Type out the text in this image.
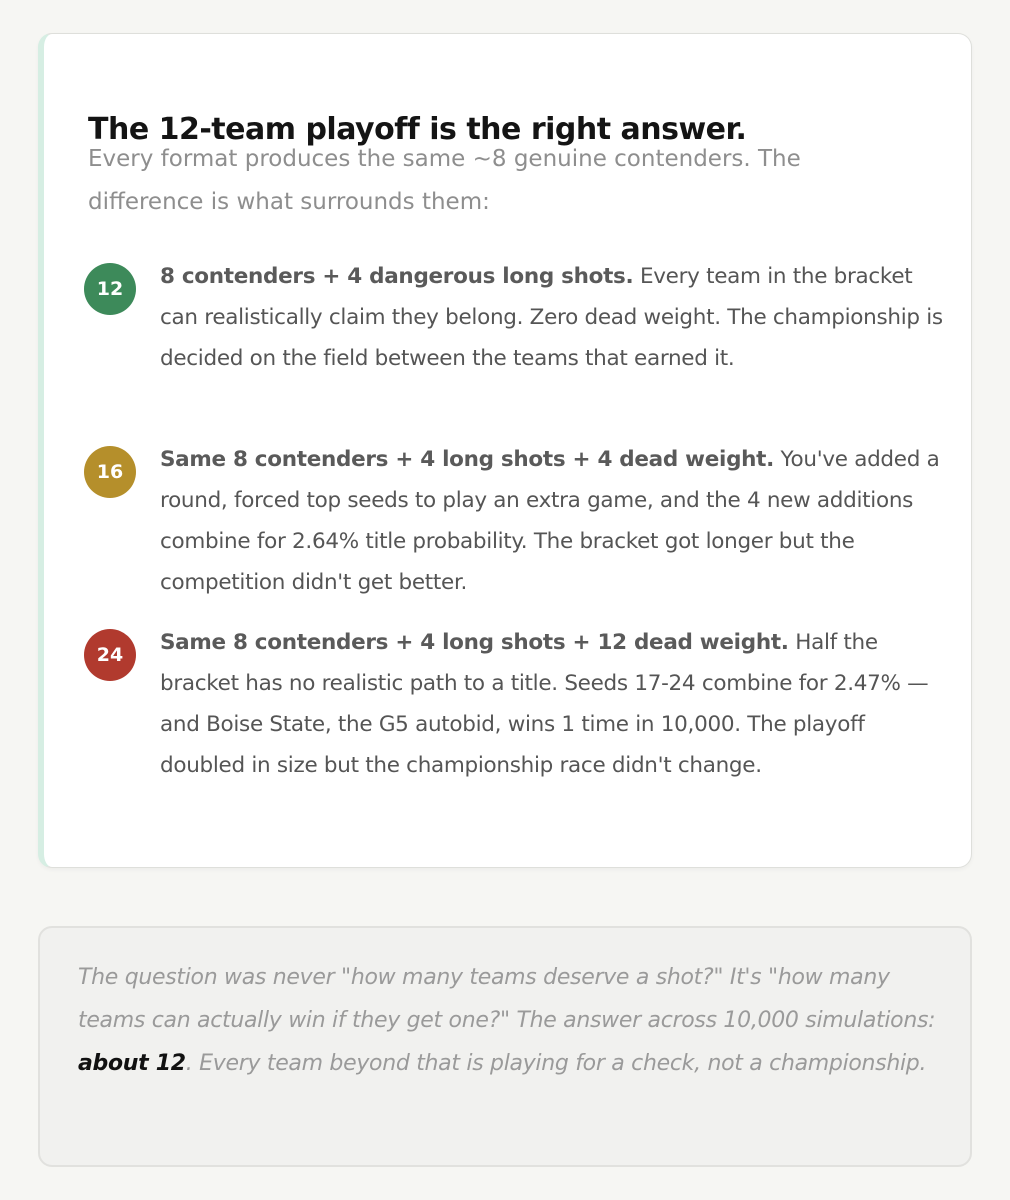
The 12-team playoff is the right answer.

Every format produces the same ~8 genuine contenders. The difference is what surrounds them:

12	8 contenders + 4 dangerous long shots. Every team in the bracket can realistically claim they belong. Zero dead weight. The championship is decided on the field between the teams that earned it.

16	Same 8 contenders + 4 long shots + 4 dead weight. You've added a round, forced top seeds to play an extra game, and the 4 new additions combine for 2.64% title probability. The bracket got longer but the competition didn't get better.

24	Same 8 contenders + 4 long shots + 12 dead weight. Half the bracket has no realistic path to a title. Seeds 17-24 combine for 2.47% — and Boise State, the G5 autobid, wins 1 time in 10,000. The playoff doubled in size but the championship race didn't change.

The question was never "how many teams deserve a shot?" It's "how many teams can actually win if they get one?" The answer across 10,000 simulations: about 12. Every team beyond that is playing for a check, not a championship.
